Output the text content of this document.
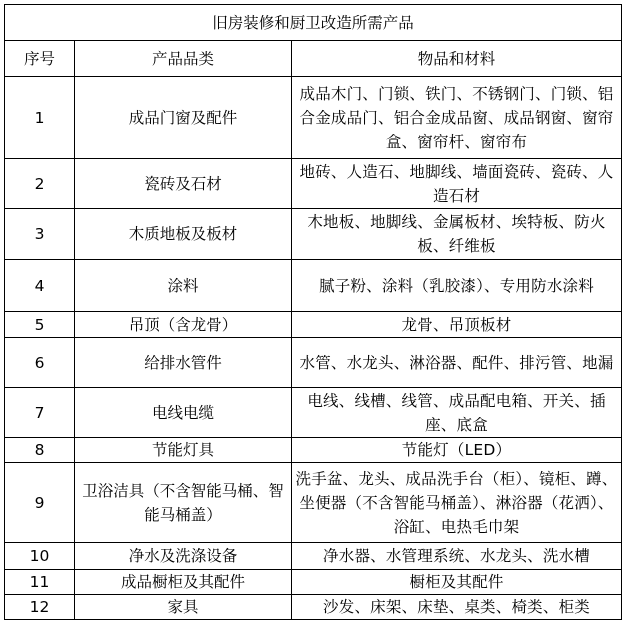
旧房装修和厨卫改造所需产品		
序号	产品品类	物品和材料
1	成品门窗及配件	成品木门、门锁、铁门、不锈钢门、门锁、铝合金成品门、铝合金成品窗、成品钢窗、窗帘盒、窗帘杆、窗帘布
2	瓷砖及石材	地砖、人造石、地脚线、墙面瓷砖、瓷砖、人造石材
3	木质地板及板材	木地板、地脚线、金属板材、埃特板、防火板、纤维板
4	涂料	腻子粉、涂料（乳胶漆）、专用防水涂料
5	吊顶（含龙骨）	龙骨、吊顶板材
6	给排水管件	水管、水龙头、淋浴器、配件、排污管、地漏
7	电线电缆	电线、线槽、线管、成品配电箱、开关、插座、底盒
8	节能灯具	节能灯（LED）
9	卫浴洁具（不含智能马桶、智能马桶盖）	洗手盆、龙头、成品洗手台（柜）、镜柜、蹲、坐便器（不含智能马桶盖）、淋浴器（花洒）、浴缸、电热毛巾架
10	净水及洗涤设备	净水器、水管理系统、水龙头、洗水槽
11	成品橱柜及其配件	橱柜及其配件
12	家具	沙发、床架、床垫、桌类、椅类、柜类
